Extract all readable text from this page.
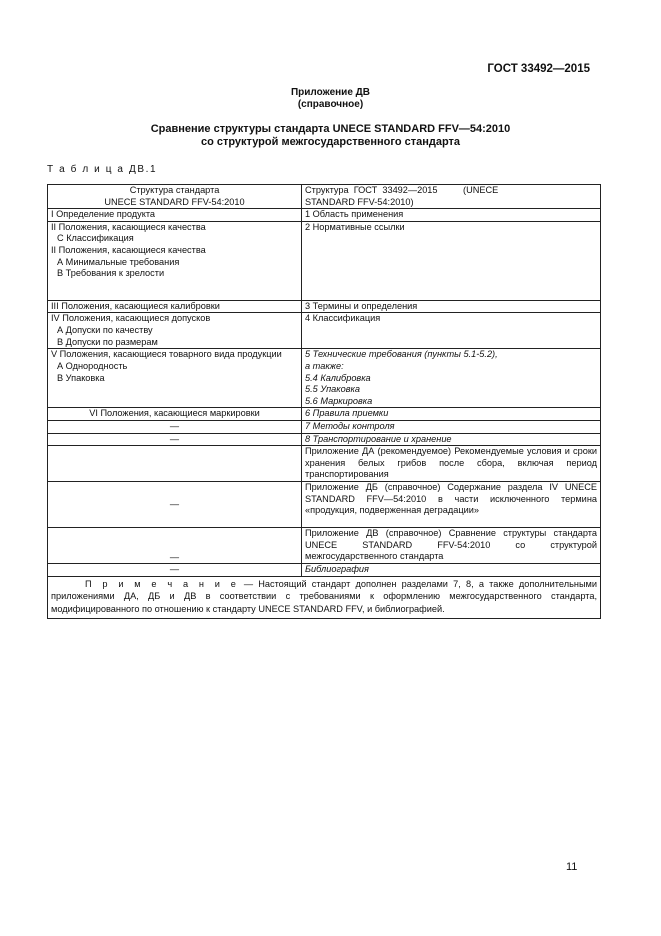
ГОСТ 33492—2015
Приложение ДВ
(справочное)
Сравнение структуры стандарта UNECE STANDARD FFV—54:2010
со структурой межгосударственного стандарта
Т а б л и ц а ДВ.1
Структура стандарта
UNECE STANDARD FFV-54:2010	Структура  ГОСТ  33492—2015          (UNECE
STANDARD FFV-54:2010)

I Определение продукта	1 Область применения

II Положения, касающиеся качества
С Классификация
II Положения, касающиеся качества
А Минимальные требования
В Требования к зрелости	2 Нормативные ссылки

III Положения, касающиеся калибровки	3 Термины и определения

IV Положения, касающиеся допусков
А Допуски по качеству
В Допуски по размерам	4 Классификация

V Положения, касающиеся товарного вида продукции
А Однородность
В Упаковка	5 Технические требования (пункты 5.1-5.2),
а также:
5.4 Калибровка
5.5 Упаковка
5.6 Маркировка

VI Положения, касающиеся маркировки	6 Правила приемки

—	7 Методы контроля

—	8 Транспортирование и хранение

	Приложение ДА (рекомендуемое) Рекомендуемые условия и сроки хранения белых грибов после сбора, включая период транспортирования

—	Приложение ДБ (справочное) Содержание раздела IV UNECE STANDARD FFV—54:2010 в части исключенного термина «продукция, подверженная деградации»

—	Приложение ДВ (справочное) Сравнение структуры стандарта UNECE STANDARD FFV-54:2010 со структурой межгосударственного стандарта

—	Библиография

П р и м е ч а н и е — Настоящий стандарт дополнен разделами 7, 8, а также дополнительными приложениями ДА, ДБ и ДВ в соответствии с требованиями к оформлению межгосударственного стандарта, модифицированного по отношению к стандарту UNECE STANDARD FFV, и библиографией.	
11
